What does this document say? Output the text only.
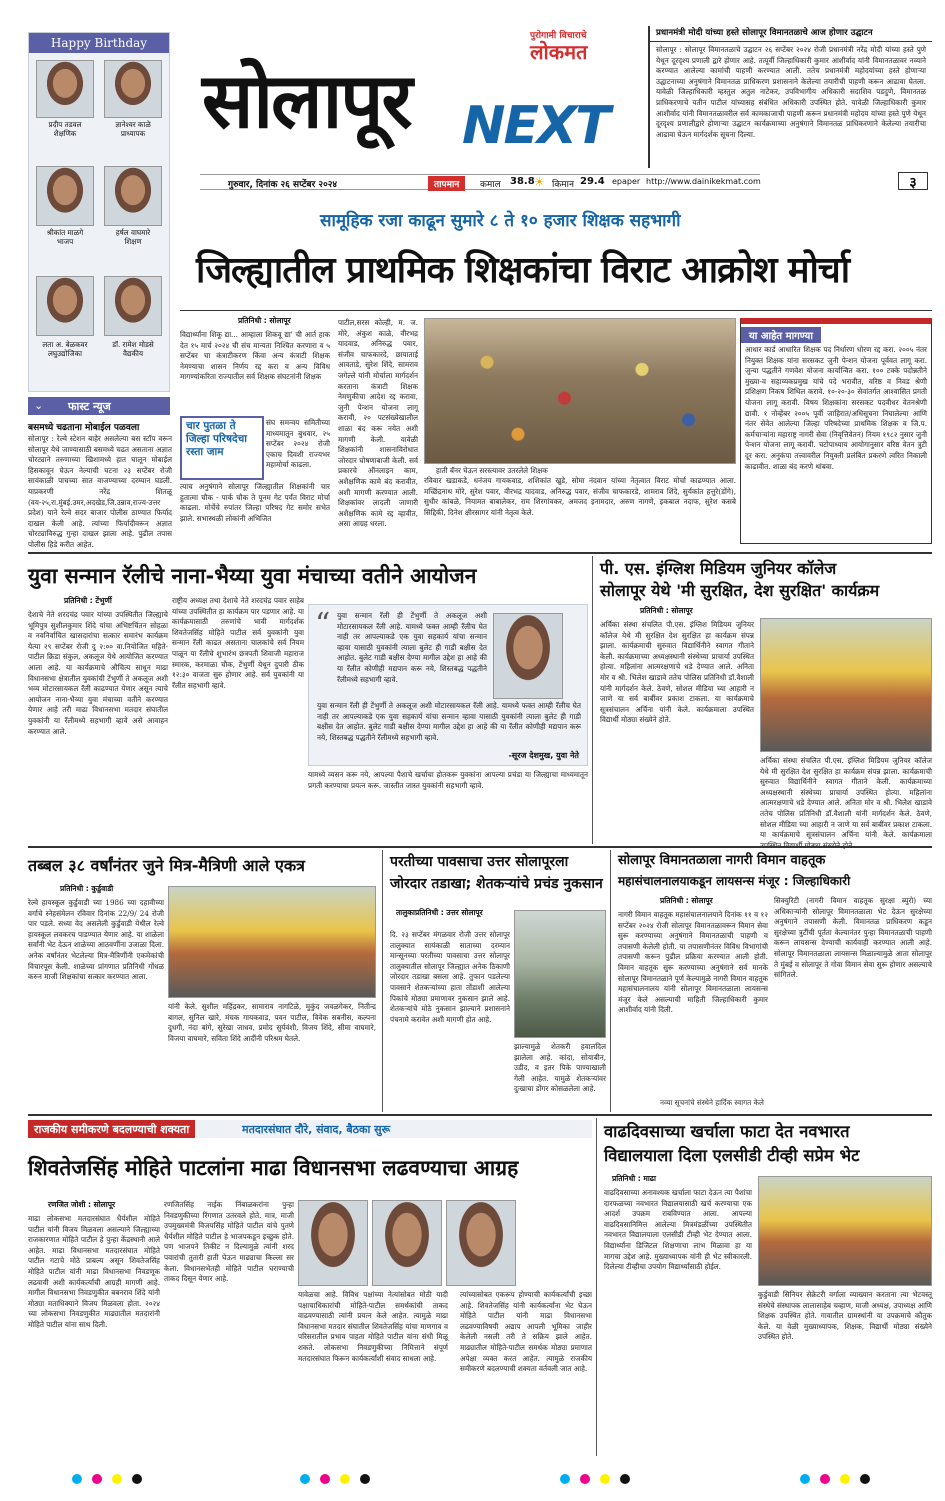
Happy Birthday
प्रदीप तडवल
शैक्षणिक
ज्ञानेश्वर काळे
प्राध्यापक
श्रीकांत माळगे
भाजप
हर्षल वाघमारे
शिक्षण
लता अ. बेळकवर
लघुउद्योजिका
डॉ. रामेश मोडसे
वैद्यकीय
पुरोगामी विचाराचे
लोकमत
सोलापूर NEXT
गुरुवार, दिनांक २६ सप्टेंबर २०२४	तापमान	कमाल 38.8 ☀ किमान 29.4 epaper http://www.dainikekmat.com	३
प्रधानमंत्री मोदी यांच्या हस्ते सोलापूर विमानतळाचे आज होणार उद्घाटन
सोलापूर : सोलापूर विमानतळाचे उद्घाटन २६ सप्टेंबर २०२४ रोजी प्रधानमंत्री नरेंद्र मोदी यांच्या हस्ते पुणे येथून दूरदृश्य प्रणाली द्वारे होणार आहे. तत्पूर्वी जिल्हाधिकारी कुमार आशीर्वाद यांनी विमानतळावर नव्याने करण्यात आलेल्या कामांची पाहणी करण्यात आली. ततेच प्रधानमंत्री महोदयांच्या हस्ते होणाऱ्या उद्घाटनाच्या अनुषंगाने विमानतळ प्राधिकरण प्रशासनाने केलेल्या तयारीची पाहणी करून आढावा घेतला. यावेळी जिल्हाधिकारी म्हस्तुल अतुल नाटेकर, उपविभागीय अधिकारी सदाशिव पडदुणे, विमानतळ प्राधिकरणाचे यतीन पाटील यांच्यासह संबंधित अधिकारी उपस्थित होते. यावेळी जिल्हाधिकारी कुमार आशीर्वाद यांनी विमानतळावरील सर्व कामकाजाची पाहणी करून प्रधानमंत्री महोदय यांच्या हस्ते पुणे येथून दूरदृश्य प्रणालीद्वारे होणाऱ्या उद्घाटन कार्यक्रमाच्या अनुषंगाने विमानतळ प्राधिकरणाने केलेल्या तयारीचा आढावा घेऊन मार्गदर्शक सूचना दिल्या.
⌄ फास्ट न्यूज
बसमध्ये चढताना मोबाईल पळवला
सोलापूर : रेल्वे स्टेशन बाहेर असलेल्या बस स्टॉप वरून सोलापूर येथे जाण्यासाठी बसमध्ये चढत असताना अज्ञात चोरट्याने तरुणाच्या खिशामध्ये हात घालून मोबाईल हिसकावून घेऊन नेल्याची घटना २३ सप्टेंबर रोजी सायंकाळी पाचच्या सात वाजण्याच्या दरम्यान घडली. याप्रकरणी नरेंद्र शितळू (वय-२५,रा.मुंबई.उमर,अदखेड,जि.उन्नाव,राज्य-उत्तर प्रदेश) याने रेल्वे सदर बाजार पोलीस ठाण्यात फिर्याद दाखल केली आहे. त्यांच्या फिर्यादीवरून अज्ञात चोरट्याविरुद्ध गुन्हा दाखल झाला आहे. पुढील तपास पोलीस हिडे करीत आहेत.
सामूहिक रजा काढून सुमारे ८ ते १० हजार शिक्षक सहभागी
जिल्ह्यातील प्राथमिक शिक्षकांचा विराट आक्रोश मोर्चा
प्रतिनिधी : सोलापूर
विद्यार्थ्यांना शिकू द्या... आम्हाला शिकवू द्या' ची आर्त हाक देत १५ मार्च २०२४ ची संच मान्यता निश्चित करणारा व ५ सप्टेंबर चा कंत्राटीकरण किंवा अन्य कंत्राटी शिक्षक नेमण्याचा शासन निर्णय रद्द करा व अन्य विविध मागण्यांकरिता राज्यातील सर्व शिक्षक संघटनांनी शिक्षक
चार पुतळा ते जिल्हा परिषदेचा रस्ता जाम
संघ समन्वय समितीच्या माध्यमातून बुधवार, २५ सप्टेंबर २०२४ रोजी एकाच दिवशी राज्यभर महामोर्चा काढला.
त्याच अनुषंगाने सोलापूर जिल्ह्यातील शिक्षकांनी चार हुतात्मा चौक - पार्क चौक ते पूनम गेट पर्यंत विराट मोर्चा काढला. मोर्चेचे रुपांतर जिल्हा परिषद गेट समोर सभेत झाले. सभास्थळी लोकांनी अभिजित
पाटील,सरस कोल्ही, म. ज. मोरे, अंकुश काळे, वीरभद्र यादवाड, अनिरुद्ध पवार, संजीव चाफकारदे, छायाताई आवताडे, सुरेश शिंदे, सामराव जगेल्ले यांनी मोर्चाला मार्गदर्शन करताना कंत्राटी शिक्षक नेमणुकीचा आदेश रद्द करावा, जुनी पेन्शन योजना लागू करावी, २० पटसंख्येखालील शाळा बंद करू नयेत अशी मागणी केली. यावेळी शिक्षकांनी शासनाविरोधात जोरदार घोषणाबाजी केली. सर्व प्रकारचे ऑनलाइन काम, अशैक्षणिक कामे बंद करावीत, अशी मागणी करण्यात आली. शिक्षकांवर लादली जाणारी अशैक्षणिक कामे रद्द व्हावीत, असा आग्रह धरला.
हाती बॅनर घेऊन सरस्त्यावर उतरलेले शिक्षक
रविवार खडाकडे, धनंजय गायकवाड, शशिकांत खुडे, सोमा नंदवान यांच्या नेतृत्वात विराट मोर्चा काढण्यात आला. मच्छिंद्रनाथ मोरे, सुरेश पवार, वीरभद्र यादवाड, अनिरुद्ध पवार, संजीव चाफकारडे, शामराव शिंदे, सुर्यकांत हत्तुरे(डोंगे), सुधीर कांबळे, नियामत बाबालेकर, राम शिरगांवकर, अमजद इनामदार, अरुण नागणे, इकबाल नदाफ, सुरेश कसबे सिद्दिकी, दिनेश क्षीरसागर यांनी नेतृत्व केले.
या आहेत मागण्या
आधार कार्ड आधारित शिक्षक पद निर्धारण धोरण रद्द करा. २००५ नंतर नियुक्त शिक्षक यांना सरसकट जुनी पेन्शन योजना पूर्ववत लागू करा. जुन्या पद्धतीने गणवेश योजना कार्यान्वित करा. १०० टक्के पदोन्नतीने मुख्या-व सहाय्यकप्रमुख यांचे पदे भरावीत, वरिष्ठ व निवड श्रेणी प्रशिक्षण निकष शिथिल करावे. १०-२०-३० सेवांतर्गत आश्वासित प्रगती योजना लागू करावी. विषय शिक्षकांना सरसकट पदवीधर वेतनश्रेणी द्यावी. १ नोव्हेंबर २००५ पूर्वी जाहिरात/अधिसूचना निघालेल्या आणि नंतर सेवेत आलेल्या जिल्हा परिषदेच्या प्राथमिक शिक्षक व जि.प. कर्मचाऱ्यांना महाराष्ट्र नागरी सेवा (निवृत्तिवेतन) नियम १९८२ नुसार जुनी पेन्शन योजना लागू करावी. चटोपाध्याय आयोगानुसार वरिष्ठ वेतन त्रुटी दूर करा. अनुकंपा तत्त्वावरील नियुक्ती प्रलंबित प्रकरणे त्वरित निकाली काढावीत. शाळा बंद करणे थांबवा.
युवा सन्मान रॅलीचे नाना-भैय्या युवा मंचाच्या वतीने आयोजन
प्रतिनिधी : टेंभुर्णी
देशाचे नेते शरदचंद्र पवार यांच्या उपस्थितीत जिल्ह्याचे भूमिपुत्र सुशीलकुमार शिंदे यांचा अभिष्टचिंतन सोहळा व नवनिर्वाचित खासदारांचा सत्कार समारंभ कार्यक्रम येत्या २९ सप्टेंबर रोजी दु २:०० वा.नियोजित महिते-पाटील क्रिडा संकुल, अकलूज येथे आयोजित करण्यात आला आहे. या कार्यक्रमाचे औचित्य साधून माढा विधानसभा क्षेत्रातील युवकांची टेंभुर्णी ते अकलूज अशी भव्य मोटारसायकल रॅली काढण्यात येणार असून त्याचे आयोजन नाना-भैय्या युवा मंचाच्या वतीने करण्यात येणार आहे तरी माढा विधानसभा मतदार संघातील युवकांनी या रॅलीमध्ये सहभागी व्हावे असे आवाहन करण्यात आले.
राष्ट्रीय अध्यक्ष तथा देशाचे नेते शरदचंद्र पवार साहेब यांच्या उपस्थितीत हा कार्यक्रम पार पडणार आहे. या कार्यक्रमासाठी तरुणांचे भावी मार्गदर्शक शिवतेजसिंह मोहिते पाटील सर्व युवकांनी युवा सन्मान रॅली काढत असताना चालकांचे सर्व नियम पाळून या रॅलीचे शुभारंभ छत्रपती शिवाजी महाराज स्मारक, करमाळा चौक, टेंभुर्णी येथून दुपारी ठीक १२:३० वाजता सुरु होणार आहे. सर्व युवकांनी या रॅलीत सहभागी व्हावे.
“ युवा सन्मान रॅली ही टेंभुर्णी ते अकलूज अशी मोटारसायकल रॅली आहे. यामध्ये फक्त आम्ही रॅलीच घेत नाही तर आपल्याकडे एक युवा सहकार्य यांचा सन्मान व्हावा यासाठी युवकांनी त्याला बुलेट ही गाडी बक्षीस देत आहोत. बुलेट गाडी बक्षीस देण्या मागील उद्देश हा आहे की या रॅलीत कोणीही मद्यपान करू नये, शिस्तबद्ध पद्धतीने रॅलीमध्ये सहभागी व्हावे.
युवा सन्मान रॅली ही टेंभुर्णी ते अकलूज अशी मोटारसायकल रॅली आहे. यामध्ये फक्त आम्ही रॅलीच घेत नाही तर आपल्याकडे एक युवा सहकार्य यांचा सन्मान व्हावा यासाठी युवकांनी त्याला बुलेट ही गाडी बक्षीस देत आहोत. बुलेट गाडी बक्षीस देण्या मागील उद्देश हा आहे की या रॅलीत कोणीही मद्यपान करू नये, शिस्तबद्ध पद्धतीने रॅलीमध्ये सहभागी व्हावे.
-सूरज देशमुख, युवा नेते
यामध्ये व्यसन करू नये, आपल्या पैशाचे खर्चाचा होतकरू युवकांना आपल्या प्रचंडा या जिल्ह्याचा माध्यमातून प्रगती करण्याचा प्रयत्न करू. जास्तीत जास्त युवकांनी सहभागी व्हावे.
पी. एस. इंग्लिश मिडियम जुनियर कॉलेज
सोलापूर येथे 'मी सुरक्षित, देश सुरक्षित' कार्यक्रम
प्रतिनिधी : सोलापूर
अर्चिका संस्था संचलित पी.एस. इंग्लिश मिडियम जुनियर कॉलेज येथे मी सुरक्षित देश सुरक्षित हा कार्यक्रम संपन्न झाला. कार्यक्रमाची सुरुवात विद्यार्थिनीने स्वागत गीताने केली. कार्यक्रमाच्या अध्यक्षस्थानी संस्थेच्या प्राचार्या उपस्थित होत्या. महिलांना आत्मरक्षणाचे धडे देण्यात आले. अनिता मोर व श्री. भिलेश खाडावे ततेच पोलिस प्रतिनिधी डॉ.वैशाली यांनी मार्गदर्शन केले. ठेवणे, सोशल मीडिया च्या आहारी न जाणे या सर्व बाबींवर प्रकाश टाकला. या कार्यक्रमाचे सूत्रसंचालन अर्चिना यांनी केले. कार्यक्रमाला उपस्थित विद्यार्थी मोठ्या संख्येने होते.
अर्चिका संस्था संचलित पी.एस. इंग्लिश मिडियम जुनियर कॉलेज येथे मी सुरक्षित देश सुरक्षित हा कार्यक्रम संपन्न झाला. कार्यक्रमाची सुरुवात विद्यार्थिनीने स्वागत गीताने केली. कार्यक्रमाच्या अध्यक्षस्थानी संस्थेच्या प्राचार्या उपस्थित होत्या. महिलांना आत्मरक्षणाचे धडे देण्यात आले. अनिता मोर व श्री. भिलेश खाडावे ततेच पोलिस प्रतिनिधी डॉ.वैशाली यांनी मार्गदर्शन केले. ठेवणे, सोशल मीडिया च्या आहारी न जाणे या सर्व बाबींवर प्रकाश टाकला. या कार्यक्रमाचे सूत्रसंचालन अर्चिना यांनी केले. कार्यक्रमाला
तब्बल ३८ वर्षांनंतर जुने मित्र-मैत्रिणी आले एकत्र
प्रतिनिधी : कुर्डुवाडी
रेल्वे हायस्कूल कुर्डुवाडी च्या 1986 च्या दहावीच्या वर्गाचे स्नेहसंमेलन रविवार दिनांक 22/9/ 24 रोजी पार पडले. सध्या वेद असलेली कुर्डुवाडी येथील रेल्वे हायस्कूल लवकरच पाडण्यात येणार आहे. या शाळेला सर्वांनी भेट देऊन शाळेच्या आठवणींना उजाळा दिला. अनेक वर्षांनंतर भेटलेल्या मित्र-मैत्रिणींनी एकमेकांची विचारपूस केली. शाळेच्या प्रांगणात प्रतिनिधी गोंधळ करुन माजी शिक्षकांचा सत्कार करण्यात आला.
यांनी केले. सुशील महिंद्रकर, सामाराव नागटिळे, मुकुंद जवळगेकर, नितीन्द्र बागल, सुनिल खारे, मंचक गायकवाड, पवन पाटील, विवेक सबनीस, कल्पना दुधगी, नंदा बांगे, सुरेखा जाधव, प्रमोद सुर्यवंशी, विजय शिंदे, सीमा वाघमारे, विजया वाघमारे, सविता शिंदे आदींनी परिश्रम घेतले.
परतीच्या पावसाचा उत्तर सोलापूरला
जोरदार तडाखा; शेतकऱ्यांचे प्रचंड नुकसान
तालुकाप्रतिनिधी : उत्तर सोलापूर
दि. २३ सप्टेंबर मंगळवार रोजी उत्तर सोलापूर तालुक्यात सायंकाळी साताच्या दरम्यान मान्सूनच्या परतीच्या पावसाचा उत्तर सोलापूर तालुक्यातील सोलापूर जिल्ह्यात अनेक ठिकाणी जोरदार तडाखा बसला आहे. तुफान पडलेल्या पावसाने शेतकऱ्यांच्या हाता तोंडाशी आलेल्या पिकांचे मोठ्या प्रमाणावर नुकसान झाले आहे. शेतकऱ्यांचे मोठे नुकसान झाल्याने प्रशासनाने पंचनामे करावेत अशी मागणी होत आहे.
झाल्यामुळे शेतकरी हवालदिल झालेला आहे. कांदा, सोयाबीन, उडीद, व इतर पिके पाण्याखाली गेली आहेत. यामुळे शेतकऱ्यांवर दुःखाचा डोंगर कोसळलेला आहे.
सोलापूर विमानतळाला नागरी विमान वाहतूक
महासंचालनालयाकडून लायसन्स मंजूर : जिल्हाधिकारी
प्रतिनिधी : सोलापूर
नागरी विमान वाहतूक महासंचालनालयाने दिनांक ११ व १२ सप्टेंबर २०२४ रोजी सोलापूर विमानतळावरून विमान सेवा सुरू करण्याच्या अनुषंगाने विमानतळाची पाहणी व तपासणी केलेली होती. या तपासणीनंतर विविध विभागांची तपासणी करून पुढील प्रक्रिया करण्यात आली होती. विमान वाहतूक सुरू करण्याच्या अनुषंगाने सर्व मानके सोलापूर विमानतळाने पूर्ण केल्यामुळे नागरी विमान वाहतूक महासंचालनालय यांनी सोलापूर विमानतळाला लायसन्स मंजूर केले असल्याची माहिती जिल्हाधिकारी कुमार आशीर्वाद यांनी दिली.
सिक्युरिटी (नागरी विमान वाहतूक सुरक्षा ब्युरो) च्या अधिकाऱ्यांनी सोलापूर विमानतळाला भेट देऊन सुरक्षेच्या अनुषंगाने तपासणी केली. विमानतळ प्राधिकरण कडून सुरक्षेच्या त्रुटींची पूर्तता केल्यानंतर पुन्हा विमानतळाची पाहणी करून लायसन्स देण्याची कार्यवाही करण्यात आली आहे. सोलापूर विमानतळाला लायसन्स मिळाल्यामुळे आता सोलापूर ते मुंबई व सोलापूर ते गोवा विमान सेवा सुरू होणार असल्याचे सांगितले.
नव्या सूचनांचे संस्थेने हार्दिक स्वागत केले
राजकीय समीकरणे बदलण्याची शक्यता	मतदारसंघात दौरे, संवाद, बैठका सुरू
शिवतेजसिंह मोहिते पाटलांना माढा विधानसभा लढवण्याचा आग्रह
रणजित जोशी : सोलापूर
माढा लोकसभा मतदारसंघात धैर्यशील मोहिते पाटील यांनी विजय मिळवला असल्याने जिल्ह्याच्या राजकारणात मोहिते पाटील हे पुन्हा केंद्रस्थानी आले आहेत. माढा विधानसभा मतदारसंघात मोहिते पाटील गटाचे मोठे प्राबल्य असून शिवतेजसिंह मोहिते पाटील यांनी माढा विधानसभा निवडणूक लढवावी अशी कार्यकर्त्यांची आग्रही मागणी आहे. मागील विधानसभा निवडणुकीत बबनराव शिंदे यांनी मोठ्या मताधिक्याने विजय मिळवला होता. २०२४ च्या लोकसभा निवडणुकीत माढ्यातील मतदारांनी मोहिते पाटील यांना साथ दिली.
रणजितसिंह नाईक निंबाळकरांना पुन्हा निवडणुकीच्या रिंगणात उतरवले होते. मात्र, माजी उपमुख्यमंत्री विजयसिंह मोहिते पाटील यांचे पुतणे धैर्यशील मोहिते पाटील हे भाजपकडून इच्छुक होते. पण भाजपने तिकीट न दिल्यामुळे त्यांनी शरद पवारांची तुतारी हाती घेऊन माढ्याचा किल्ला सर केला. विधानसभेतही मोहिते पाटील घराण्याची ताकद दिसून येणार आहे.
यावेळचा आहे. विविध पक्षांच्या नेत्यांसोबत मोठी यादी पक्षाचाधिकारांची मोहिते-पाटील समर्थकांची ताकद वाढवण्यासाठी त्यांनी प्रयत्न केले आहेत. त्यामुळे माढा विधानसभा मतदार संघातील शिवतेजसिंह यांचा माणगाव व परिसरातील प्रभाव पाहता मोहिते पाटील यांना संधी मिळू शकते. लोकसभा निवडणुकीच्या निमित्ताने संपूर्ण मतदारसंघात फिरून कार्यकर्त्यांशी संवाद साधला आहे.
त्यांच्यासोबत एकरूप होण्याची कार्यकर्त्यांची इच्छा आहे. शिवतेजसिंह यांनी कार्यकर्त्यांना भेट घेऊन मोहिते पाटील यांनी माढा विधानसभा लढवण्याविषयी अद्याप आपली भूमिका जाहीर केलेली नसली तरी ते सक्रिय झाले आहेत. माढ्यातील मोहिते-पाटील समर्थक मोठ्या प्रमाणात अपेक्षा व्यक्त करत आहेत. त्यामुळे राजकीय समीकरणे बदलण्याची शक्यता वर्तवली जात आहे.
वाढदिवसाच्या खर्चाला फाटा देत नवभारत
विद्यालयाला दिला एलसीडी टीव्ही सप्रेम भेट
प्रतिनिधी : माढा
वाढदिवसाच्या अनावश्यक खर्चाला फाटा देऊन त्या पैशांचा दारफळच्या नवभारत विद्यालयासाठी खर्च करण्याचा एक आदर्श उपक्रम राबविण्यात आला. आपल्या वाढदिवसानिमित्त आलेल्या मित्रमंडळींच्या उपस्थितीत नवभारत विद्यालयाला एलसीडी टीव्ही भेट देण्यात आला. विद्यार्थ्यांना डिजिटल शिक्षणाचा लाभ मिळावा हा या मागचा उद्देश आहे. मुख्याध्यापक यांनी ही भेट स्वीकारली. दिलेल्या टीव्हीचा उपयोग विद्यार्थ्यांसाठी होईल.
कुर्डुवाडी सिनियर सेक्रेटरी वर्गाला व्याख्यान करताना त्या भेटवस्तू संस्थेचे संस्थापक लालासाहेब चव्हाण, माजी अध्यक्ष, उपाध्यक्ष आणि शिक्षक उपस्थित होते. गावातील ग्रामस्थांनी या उपक्रमाचे कौतुक केले. या वेळी मुख्याध्यापक, शिक्षक, विद्यार्थी मोठ्या संख्येने उपस्थित होते.
